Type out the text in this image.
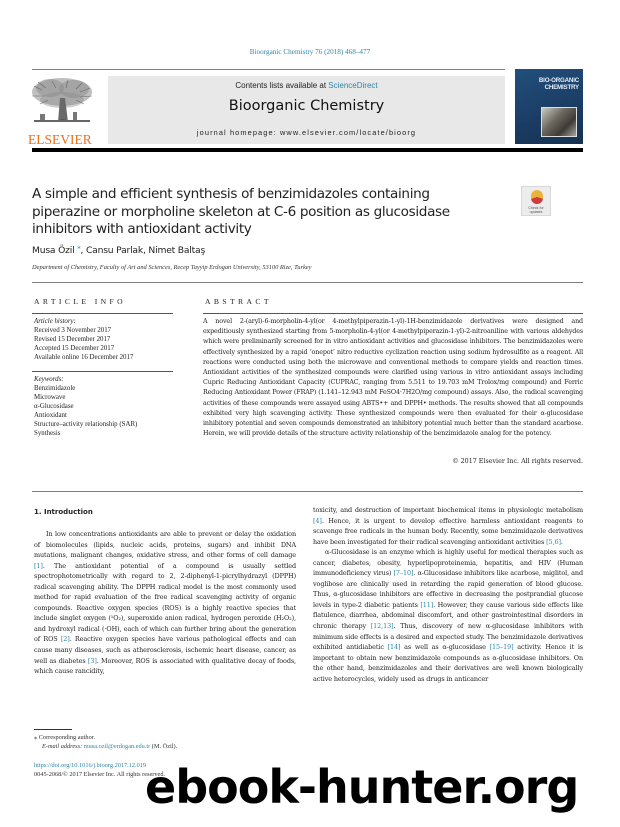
Bioorganic Chemistry 76 (2018) 468–477
ELSEVIER
Contents lists available at ScienceDirect
Bioorganic Chemistry
journal homepage: www.elsevier.com/locate/bioorg
BIO-ORGANIC
CHEMISTRY
A simple and efficient synthesis of benzimidazoles containing piperazine or morpholine skeleton at C-6 position as glucosidase inhibitors with antioxidant activity
Check for
updates
Musa Özil ⁎, Cansu Parlak, Nimet Baltaş
Department of Chemistry, Faculty of Art and Sciences, Recep Tayyip Erdogan University, 53100 Rize, Turkey
ARTICLE INFO
Article history:
Received 3 November 2017
Revised 15 December 2017
Accepted 15 December 2017
Available online 16 December 2017
Keywords:
Benzimidazole
Microwave
α-Glucosidase
Antioxidant
Structure–activity relationship (SAR)
Synthesis
ABSTRACT
A novel 2-(aryl)-6-morpholin-4-yl(or 4-methylpiperazin-1-yl)-1H-benzimidazole derivatives were designed and expeditiously synthesized starting from 5-morpholin-4-yl(or 4-methylpiperazin-1-yl)-2-nitroaniline with various aldehydes which were preliminarily screened for in vitro antioxidant activities and glucosidase inhibitors. The benzimidazoles were effectively synthesized by a rapid ‘onepot’ nitro reductive cyclization reaction using sodium hydrosulfite as a reagent. All reactions were conducted using both the microwave and conventional methods to compare yields and reaction times. Antioxidant activities of the synthesized compounds were clarified using various in vitro antioxidant assays including Cupric Reducing Antioxidant Capacity (CUPRAC, ranging from 5.511 to 19.703 mM Trolox/mg compound) and Ferric Reducing Antioxidant Power (FRAP) (1.141–12.943 mM FeSO4·7H2O/mg compound) assays. Also, the radical scavenging activities of these compounds were assayed using ABTS•+ and DPPH• methods. The results showed that all compounds exhibited very high scavenging activity. These synthesized compounds were then evaluated for their α-glucosidase inhibitory potential and seven compounds demonstrated an inhibitory potential much better than the standard acarbose. Herein, we will provide details of the structure activity relationship of the benzimidazole analog for the potency.
© 2017 Elsevier Inc. All rights reserved.
1. Introduction
In low concentrations antioxidants are able to prevent or delay the oxidation of biomolecules (lipids, nucleic acids, proteins, sugars) and inhibit DNA mutations, malignant changes, oxidative stress, and other forms of cell damage [1]. The antioxidant potential of a compound is usually settled spectrophotometrically with regard to 2, 2-diphenyl-1-picrylhydrazyl (DPPH) radical scavenging ability. The DPPH radical model is the most commonly used method for rapid evaluation of the free radical scavenging activity of organic compounds. Reactive oxygen species (ROS) is a highly reactive species that include singlet oxygen (¹O₂), superoxide anion radical, hydrogen peroxide (H₂O₂), and hydroxyl radical (·OH), each of which can further bring about the generation of ROS [2]. Reactive oxygen species have various pathological effects and can cause many diseases, such as atherosclerosis, ischemic heart disease, cancer, as well as diabetes [3]. Moreover, ROS is associated with qualitative decay of foods, which cause rancidity,
toxicity, and destruction of important biochemical items in physiologic metabolism [4]. Hence, it is urgent to develop effective harmless antioxidant reagents to scavenge free radicals in the human body. Recently, some benzimidazole derivatives have been investigated for their radical scavenging antioxidant activities [5,6].
α-Glucosidase is an enzyme which is highly useful for medical therapies such as cancer, diabetes, obesity, hyperlipoproteinemia, hepatitis, and HIV (Human immunodeficiency virus) [7–10]. α-Glucosidase inhibitors like acarbose, miglitol, and voglibose are clinically used in retarding the rapid generation of blood glucose. Thus, α-glucosidase inhibitors are effective in decreasing the postprandial glucose levels in type-2 diabetic patients [11]. However, they cause various side effects like flatulence, diarrhea, abdominal discomfort, and other gastrointestinal disorders in chronic therapy [12,13]. Thus, discovery of new α-glucosidase inhibitors with minimum side effects is a desired and expected study. The benzimidazole derivatives exhibited antidiabetic [14] as well as α-glucosidase [15–19] activity. Hence it is important to obtain new benzimidazole compounds as α-glucosidase inhibitors. On the other hand, benzimidazoles and their derivatives are well known biologically active heterocycles, widely used as drugs in anticancer
⁎ Corresponding author.
E-mail address: musa.ozil@erdogan.edu.tr (M. Özil).
https://doi.org/10.1016/j.bioorg.2017.12.019
0045-2068/© 2017 Elsevier Inc. All rights reserved.
ebook-hunter.org
